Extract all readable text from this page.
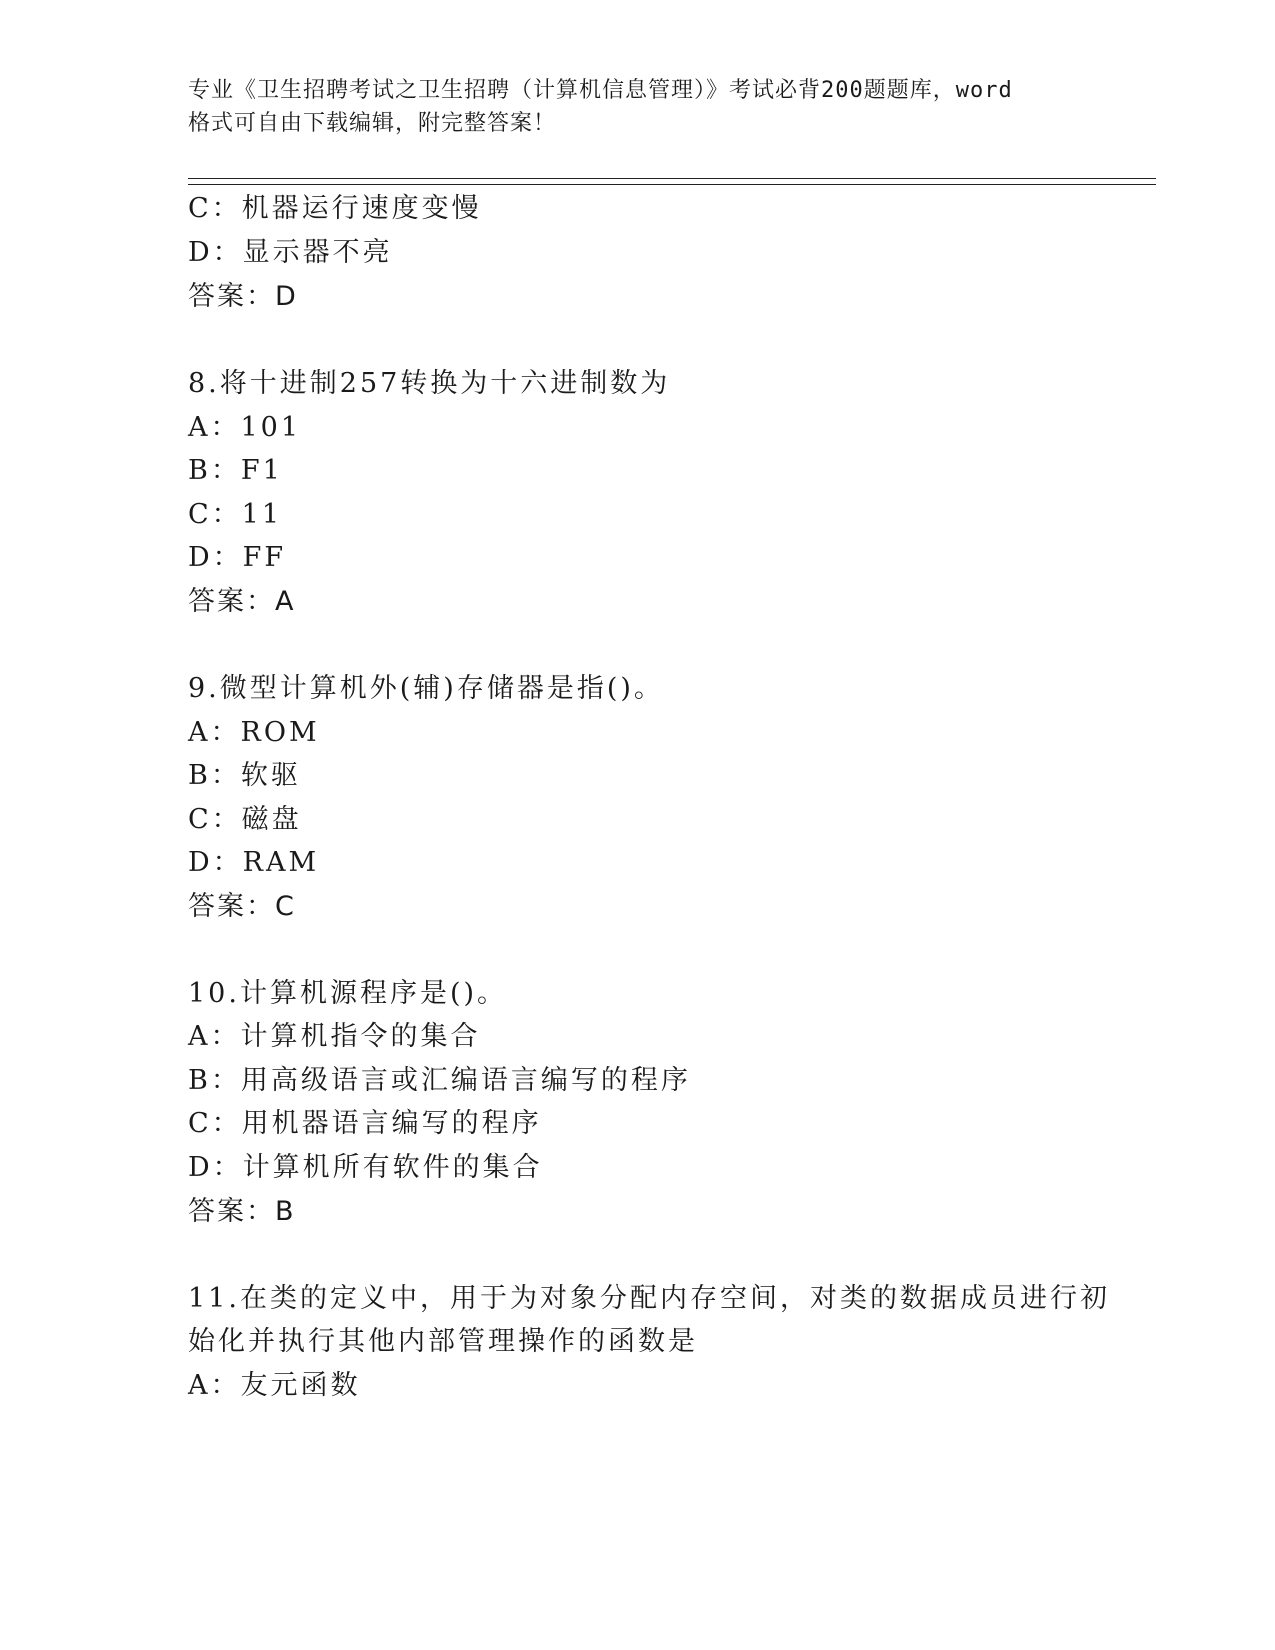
专业《卫生招聘考试之卫生招聘（计算机信息管理）》考试必背200题题库，word
格式可自由下载编辑，附完整答案！
C：机器运行速度变慢
D：显示器不亮
答案：D
8.将十进制257转换为十六进制数为
A：101
B：F1
C：11
D：FF
答案：A
9.微型计算机外(辅)存储器是指()。
A：ROM
B：软驱
C：磁盘
D：RAM
答案：C
10.计算机源程序是()。
A：计算机指令的集合
B：用高级语言或汇编语言编写的程序
C：用机器语言编写的程序
D：计算机所有软件的集合
答案：B
11.在类的定义中，用于为对象分配内存空间，对类的数据成员进行初
始化并执行其他内部管理操作的函数是
A：友元函数
